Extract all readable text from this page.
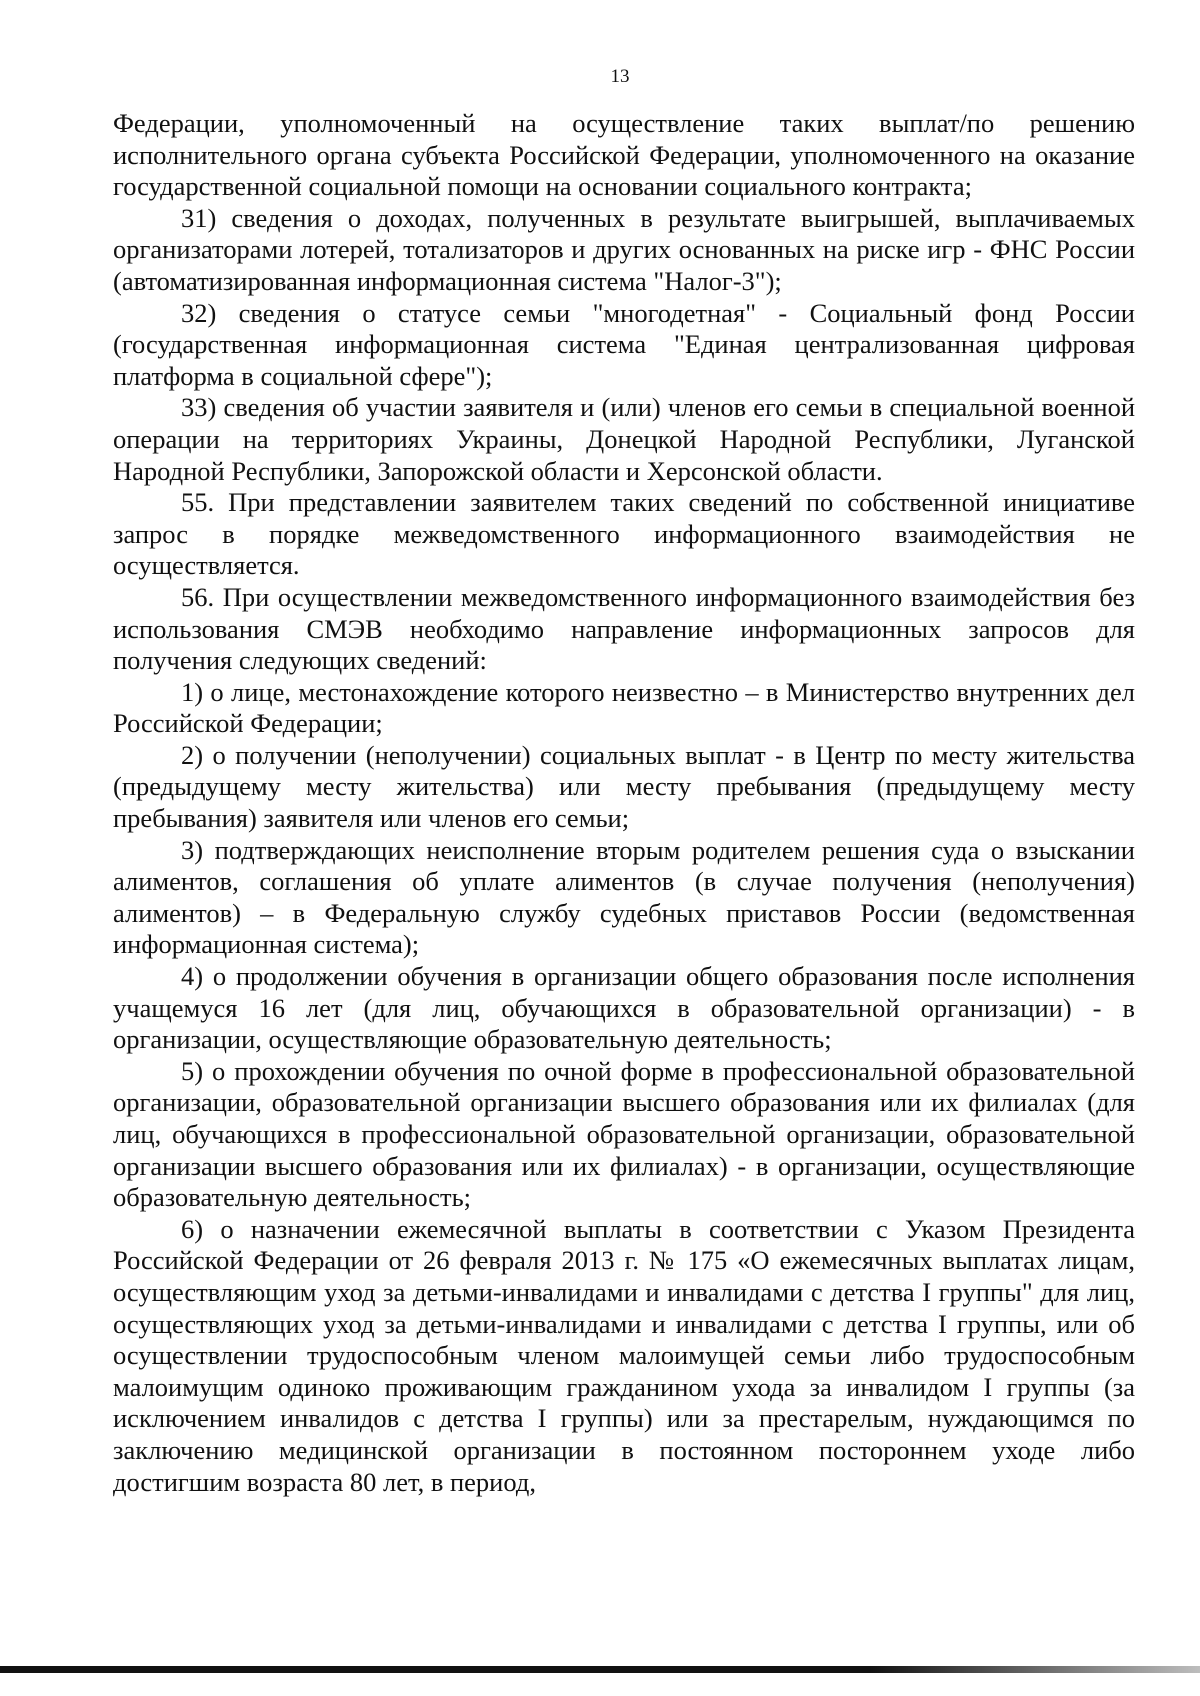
13

Федерации, уполномоченный на осуществление таких выплат/по решению исполнительного органа субъекта Российской Федерации, уполномоченного на оказание государственной социальной помощи на основании социального контракта;

31) сведения о доходах, полученных в результате выигрышей, выплачиваемых организаторами лотерей, тотализаторов и других основанных на риске игр - ФНС России (автоматизированная информационная система "Налог-3");

32) сведения о статусе семьи "многодетная" - Социальный фонд России (государственная информационная система "Единая централизованная цифровая платформа в социальной сфере");

33) сведения об участии заявителя и (или) членов его семьи в специальной военной операции на территориях Украины, Донецкой Народной Республики, Луганской Народной Республики, Запорожской области и Херсонской области.

55. При представлении заявителем таких сведений по собственной инициативе запрос в порядке межведомственного информационного взаимодействия не осуществляется.

56. При осуществлении межведомственного информационного взаимодействия без использования СМЭВ необходимо направление информационных запросов для получения следующих сведений:

1) о лице, местонахождение которого неизвестно – в Министерство внутренних дел Российской Федерации;

2) о получении (неполучении) социальных выплат - в Центр по месту жительства (предыдущему месту жительства) или месту пребывания (предыдущему месту пребывания) заявителя или членов его семьи;

3) подтверждающих неисполнение вторым родителем решения суда о взыскании алиментов, соглашения об уплате алиментов (в случае получения (неполучения) алиментов) – в Федеральную службу судебных приставов России (ведомственная информационная система);

4) о продолжении обучения в организации общего образования после исполнения учащемуся 16 лет (для лиц, обучающихся в образовательной организации) - в организации, осуществляющие образовательную деятельность;

5) о прохождении обучения по очной форме в профессиональной образовательной организации, образовательной организации высшего образования или их филиалах (для лиц, обучающихся в профессиональной образовательной организации, образовательной организации высшего образования или их филиалах) - в организации, осуществляющие образовательную деятельность;

6) о назначении ежемесячной выплаты в соответствии с Указом Президента Российской Федерации от 26 февраля 2013 г. № 175 «О ежемесячных выплатах лицам, осуществляющим уход за детьми-инвалидами и инвалидами с детства I группы" для лиц, осуществляющих уход за детьми-инвалидами и инвалидами с детства I группы, или об осуществлении трудоспособным членом малоимущей семьи либо трудоспособным малоимущим одиноко проживающим гражданином ухода за инвалидом I группы (за исключением инвалидов с детства I группы) или за престарелым, нуждающимся по заключению медицинской организации в постоянном постороннем уходе либо достигшим возраста 80 лет, в период,
